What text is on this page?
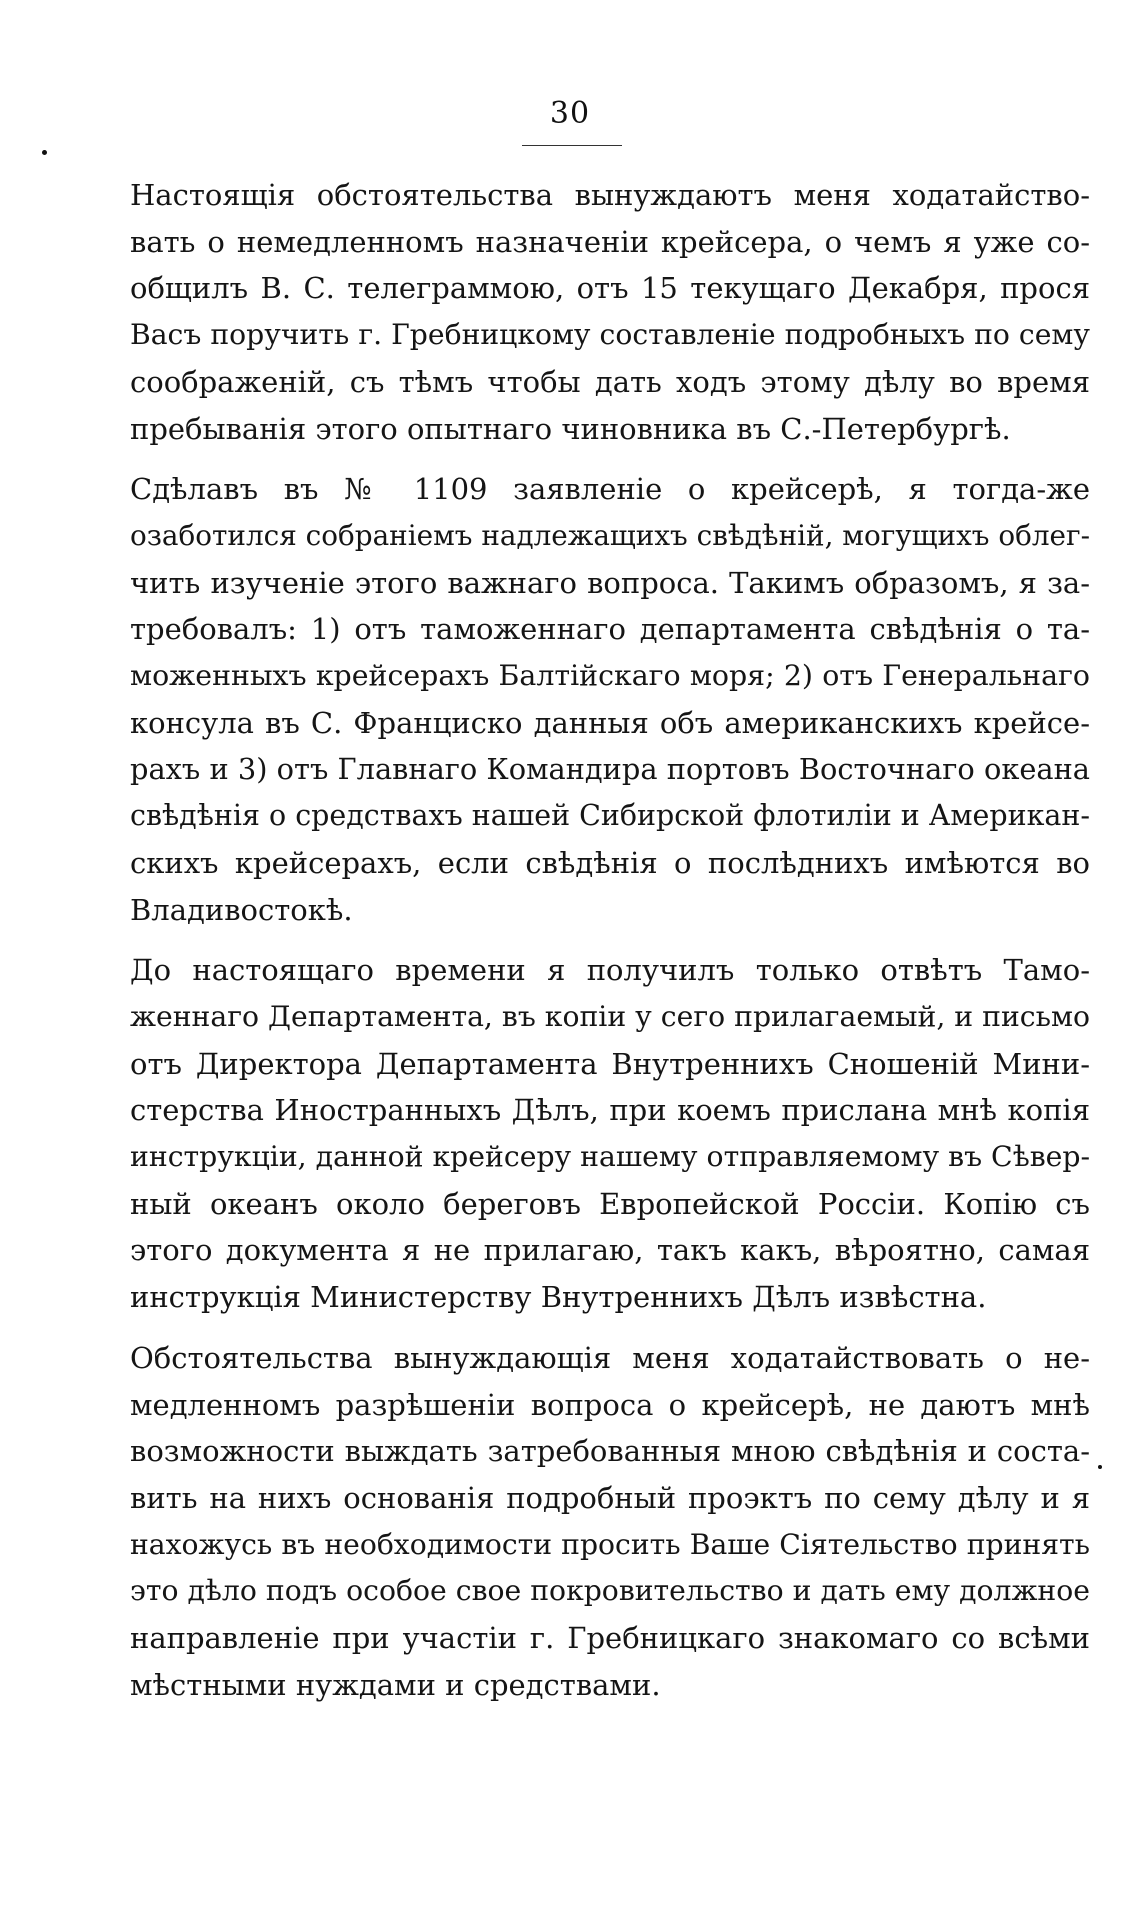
30
Настоящія обстоятельства вынуждаютъ меня ходатайство-
вать о немедленномъ назначеніи крейсера, о чемъ я уже со-
общилъ В. С. телеграммою, отъ 15 текущаго Декабря, прося
Васъ поручить г. Гребницкому составленіе подробныхъ по сему
соображеній, съ тѣмъ чтобы дать ходъ этому дѣлу во время
пребыванія этого опытнаго чиновника въ С.-Петербургѣ.
Сдѣлавъ въ № 1109 заявленіе о крейсерѣ, я тогда-же
озаботился собраніемъ надлежащихъ свѣдѣній, могущихъ облег-
чить изученіе этого важнаго вопроса. Такимъ образомъ, я за-
требовалъ: 1) отъ таможеннаго департамента свѣдѣнія о та-
моженныхъ крейсерахъ Балтійскаго моря; 2) отъ Генеральнаго
консула въ С. Франциско данныя объ американскихъ крейсе-
рахъ и 3) отъ Главнаго Командира портовъ Восточнаго океана
свѣдѣнія о средствахъ нашей Сибирской флотиліи и Американ-
скихъ крейсерахъ, если свѣдѣнія о послѣднихъ имѣются во
Владивостокѣ.
До настоящаго времени я получилъ только отвѣтъ Тамо-
женнаго Департамента, въ копіи у сего прилагаемый, и письмо
отъ Директора Департамента Внутреннихъ Сношеній Мини-
стерства Иностранныхъ Дѣлъ, при коемъ прислана мнѣ копія
инструкціи, данной крейсеру нашему отправляемому въ Сѣвер-
ный океанъ около береговъ Европейской Россіи. Копію съ
этого документа я не прилагаю, такъ какъ, вѣроятно, самая
инструкція Министерству Внутреннихъ Дѣлъ извѣстна.
Обстоятельства вынуждающія меня ходатайствовать о не-
медленномъ разрѣшеніи вопроса о крейсерѣ, не даютъ мнѣ
возможности выждать затребованныя мною свѣдѣнія и соста-
вить на нихъ основанія подробный проэктъ по сему дѣлу и я
нахожусь въ необходимости просить Ваше Сіятельство принять
это дѣло подъ особое свое покровительство и дать ему должное
направленіе при участіи г. Гребницкаго знакомаго со всѣми
мѣстными нуждами и средствами.
